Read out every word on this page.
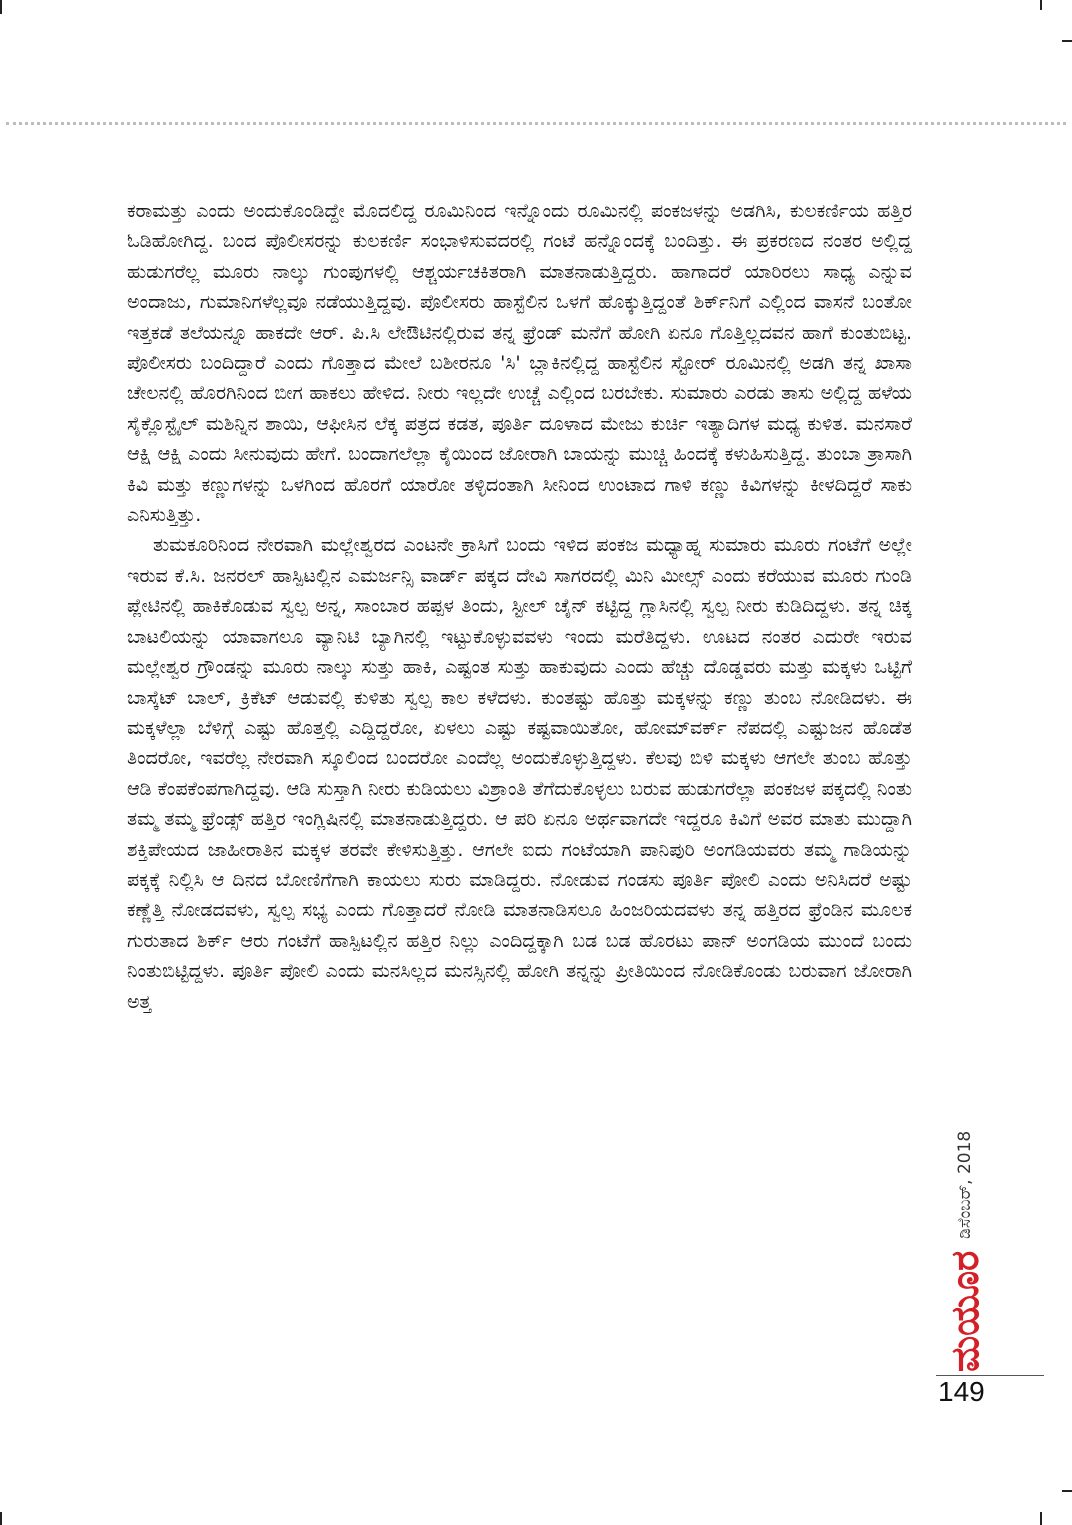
ಕರಾಮತ್ತು ಎಂದು ಅಂದುಕೊಂಡಿದ್ದೇ ಮೊದಲಿದ್ದ ರೂಮಿನಿಂದ ಇನ್ನೊಂದು ರೂಮಿನಲ್ಲಿ ಪಂಕಜಳನ್ನು ಅಡಗಿಸಿ, ಕುಲಕರ್ಣಿಯ ಹತ್ತಿರ ಓಡಿಹೋಗಿದ್ದ. ಬಂದ ಪೊಲೀಸರನ್ನು ಕುಲಕರ್ಣಿ ಸಂಭಾಳಿಸುವದರಲ್ಲಿ ಗಂಟೆ ಹನ್ನೊಂದಕ್ಕೆ ಬಂದಿತ್ತು. ಈ ಪ್ರಕರಣದ ನಂತರ ಅಲ್ಲಿದ್ದ ಹುಡುಗರೆಲ್ಲ ಮೂರು ನಾಲ್ಕು ಗುಂಪುಗಳಲ್ಲಿ ಆಶ್ಚರ್ಯಚಕಿತರಾಗಿ ಮಾತನಾಡುತ್ತಿದ್ದರು. ಹಾಗಾದರೆ ಯಾರಿರಲು ಸಾಧ್ಯ ಎನ್ನುವ ಅಂದಾಜು, ಗುಮಾನಿಗಳೆಲ್ಲವೂ ನಡೆಯುತ್ತಿದ್ದವು. ಪೊಲೀಸರು ಹಾಸ್ಟೆಲಿನ ಒಳಗೆ ಹೊಕ್ಕುತ್ತಿದ್ದಂತೆ ಶಿರ್ಕ್‌ನಿಗೆ ಎಲ್ಲಿಂದ ವಾಸನೆ ಬಂತೋ ಇತ್ತಕಡೆ ತಲೆಯನ್ನೂ ಹಾಕದೇ ಆರ್. ಪಿ.ಸಿ ಲೇಔಟಿನಲ್ಲಿರುವ ತನ್ನ ಫ್ರೆಂಡ್ ಮನೆಗೆ ಹೋಗಿ ಏನೂ ಗೊತ್ತಿಲ್ಲದವನ ಹಾಗೆ ಕುಂತುಬಿಟ್ಟ. ಪೊಲೀಸರು ಬಂದಿದ್ದಾರೆ ಎಂದು ಗೊತ್ತಾದ ಮೇಲೆ ಬಶೀರನೂ 'ಸಿ' ಬ್ಲಾಕಿನಲ್ಲಿದ್ದ ಹಾಸ್ಟೆಲಿನ ಸ್ಟೋರ್ ರೂಮಿನಲ್ಲಿ ಅಡಗಿ ತನ್ನ ಖಾಸಾ ಚೇಲನಲ್ಲಿ ಹೊರಗಿನಿಂದ ಬೀಗ ಹಾಕಲು ಹೇಳಿದ. ನೀರು ಇಲ್ಲದೇ ಉಚ್ಚೆ ಎಲ್ಲಿಂದ ಬರಬೇಕು. ಸುಮಾರು ಎರಡು ತಾಸು ಅಲ್ಲಿದ್ದ ಹಳೆಯ ಸೈಕ್ಲೊಸ್ಟೈಲ್ ಮಶಿನ್ನಿನ ಶಾಯಿ, ಆಫೀಸಿನ ಲೆಕ್ಕ ಪತ್ರದ ಕಡತ, ಪೂರ್ತಿ ದೂಳಾದ ಮೇಜು ಕುರ್ಚಿ ಇತ್ಯಾದಿಗಳ ಮಧ್ಯ ಕುಳಿತ. ಮನಸಾರೆ ಆಕ್ಷಿ ಆಕ್ಷಿ ಎಂದು ಸೀನುವುದು ಹೇಗೆ. ಬಂದಾಗಲೆಲ್ಲಾ ಕೈಯಿಂದ ಜೋರಾಗಿ ಬಾಯನ್ನು ಮುಚ್ಚಿ ಹಿಂದಕ್ಕೆ ಕಳುಹಿಸುತ್ತಿದ್ದ. ತುಂಬಾ ತ್ರಾಸಾಗಿ ಕಿವಿ ಮತ್ತು ಕಣ್ಣುಗಳನ್ನು ಒಳಗಿಂದ ಹೊರಗೆ ಯಾರೋ ತಳ್ಳಿದಂತಾಗಿ ಸೀನಿಂದ ಉಂಟಾದ ಗಾಳಿ ಕಣ್ಣು ಕಿವಿಗಳನ್ನು ಕೀಳದಿದ್ದರೆ ಸಾಕು ಎನಿಸುತ್ತಿತ್ತು.

ತುಮಕೂರಿನಿಂದ ನೇರವಾಗಿ ಮಲ್ಲೇಶ್ವರದ ಎಂಟನೇ ಕ್ರಾಸಿಗೆ ಬಂದು ಇಳಿದ ಪಂಕಜ ಮಧ್ಯಾಹ್ನ ಸುಮಾರು ಮೂರು ಗಂಟೆಗೆ ಅಲ್ಲೇ ಇರುವ ಕೆ.ಸಿ. ಜನರಲ್ ಹಾಸ್ಪಿಟಲ್ಲಿನ ಎಮರ್ಜನ್ಸಿ ವಾರ್ಡ್ ಪಕ್ಕದ ದೇವಿ ಸಾಗರದಲ್ಲಿ ಮಿನಿ ಮೀಲ್ಸ್ ಎಂದು ಕರೆಯುವ ಮೂರು ಗುಂಡಿ ಪ್ಲೇಟಿನಲ್ಲಿ ಹಾಕಿಕೊಡುವ ಸ್ವಲ್ಪ ಅನ್ನ, ಸಾಂಬಾರ ಹಪ್ಪಳ ತಿಂದು, ಸ್ಟೀಲ್ ಚೈನ್ ಕಟ್ಟಿದ್ದ ಗ್ಲಾಸಿನಲ್ಲಿ ಸ್ವಲ್ಪ ನೀರು ಕುಡಿದಿದ್ದಳು. ತನ್ನ ಚಿಕ್ಕ ಬಾಟಲಿಯನ್ನು ಯಾವಾಗಲೂ ವ್ಯಾನಿಟಿ ಬ್ಯಾಗಿನಲ್ಲಿ ಇಟ್ಟುಕೊಳ್ಳುವವಳು ಇಂದು ಮರೆತಿದ್ದಳು. ಊಟದ ನಂತರ ಎದುರೇ ಇರುವ ಮಲ್ಲೇಶ್ವರ ಗ್ರೌಂಡನ್ನು ಮೂರು ನಾಲ್ಕು ಸುತ್ತು ಹಾಕಿ, ಎಷ್ಟಂತ ಸುತ್ತು ಹಾಕುವುದು ಎಂದು ಹೆಚ್ಚು ದೊಡ್ಡವರು ಮತ್ತು ಮಕ್ಕಳು ಒಟ್ಟಿಗೆ ಬಾಸ್ಕೆಟ್ ಬಾಲ್, ಕ್ರಿಕೆಟ್ ಆಡುವಲ್ಲಿ ಕುಳಿತು ಸ್ವಲ್ಪ ಕಾಲ ಕಳೆದಳು. ಕುಂತಷ್ಟು ಹೊತ್ತು ಮಕ್ಕಳನ್ನು ಕಣ್ಣು ತುಂಬ ನೋಡಿದಳು. ಈ ಮಕ್ಕಳೆಲ್ಲಾ ಬೆಳಿಗ್ಗೆ ಎಷ್ಟು ಹೊತ್ತಲ್ಲಿ ಎದ್ದಿದ್ದರೋ, ಏಳಲು ಎಷ್ಟು ಕಷ್ಟವಾಯಿತೋ, ಹೋಮ್‌ವರ್ಕ್ ನೆಪದಲ್ಲಿ ಎಷ್ಟುಜನ ಹೊಡೆತ ತಿಂದರೋ, ಇವರೆಲ್ಲ ನೇರವಾಗಿ ಸ್ಕೂಲಿಂದ ಬಂದರೋ ಎಂದೆಲ್ಲ ಅಂದುಕೊಳ್ಳುತ್ತಿದ್ದಳು. ಕೆಲವು ಬಿಳಿ ಮಕ್ಕಳು ಆಗಲೇ ತುಂಬ ಹೊತ್ತು ಆಡಿ ಕೆಂಪಕೆಂಪಗಾಗಿದ್ದವು. ಆಡಿ ಸುಸ್ತಾಗಿ ನೀರು ಕುಡಿಯಲು ವಿಶ್ರಾಂತಿ ತೆಗೆದುಕೊಳ್ಳಲು ಬರುವ ಹುಡುಗರೆಲ್ಲಾ ಪಂಕಜಳ ಪಕ್ಕದಲ್ಲಿ ನಿಂತು ತಮ್ಮ ತಮ್ಮ ಫ್ರೆಂಡ್ಸ್ ಹತ್ತಿರ ಇಂಗ್ಲಿಷಿನಲ್ಲಿ ಮಾತನಾಡುತ್ತಿದ್ದರು. ಆ ಪರಿ ಏನೂ ಅರ್ಥವಾಗದೇ ಇದ್ದರೂ ಕಿವಿಗೆ ಅವರ ಮಾತು ಮುದ್ದಾಗಿ ಶಕ್ತಿಪೇಯದ ಜಾಹೀರಾತಿನ ಮಕ್ಕಳ ತರವೇ ಕೇಳಿಸುತ್ತಿತ್ತು. ಆಗಲೇ ಐದು ಗಂಟೆಯಾಗಿ ಪಾನಿಪುರಿ ಅಂಗಡಿಯವರು ತಮ್ಮ ಗಾಡಿಯನ್ನು ಪಕ್ಕಕ್ಕೆ ನಿಲ್ಲಿಸಿ ಆ ದಿನದ ಬೋಣಿಗೆಗಾಗಿ ಕಾಯಲು ಸುರು ಮಾಡಿದ್ದರು. ನೋಡುವ ಗಂಡಸು ಪೂರ್ತಿ ಪೋಲಿ ಎಂದು ಅನಿಸಿದರೆ ಅಷ್ಟು ಕಣ್ಣೆತ್ತಿ ನೋಡದವಳು, ಸ್ವಲ್ಪ ಸಭ್ಯ ಎಂದು ಗೊತ್ತಾದರೆ ನೋಡಿ ಮಾತನಾಡಿಸಲೂ ಹಿಂಜರಿಯದವಳು ತನ್ನ ಹತ್ತಿರದ ಫ್ರೆಂಡಿನ ಮೂಲಕ ಗುರುತಾದ ಶಿರ್ಕ್ ಆರು ಗಂಟೆಗೆ ಹಾಸ್ಪಿಟಲ್ಲಿನ ಹತ್ತಿರ ನಿಲ್ಲು ಎಂದಿದ್ದಕ್ಕಾಗಿ ಬಡ ಬಡ ಹೊರಟು ಪಾನ್ ಅಂಗಡಿಯ ಮುಂದೆ ಬಂದು ನಿಂತುಬಿಟ್ಟಿದ್ದಳು. ಪೂರ್ತಿ ಪೋಲಿ ಎಂದು ಮನಸಿಲ್ಲದ ಮನಸ್ಸಿನಲ್ಲಿ ಹೋಗಿ ತನ್ನನ್ನು ಪ್ರೀತಿಯಿಂದ ನೋಡಿಕೊಂಡು ಬರುವಾಗ ಜೋರಾಗಿ ಅತ್ತ

ಮಯೂರ
ಡಿಸೆಂಬರ್, 2018
149
